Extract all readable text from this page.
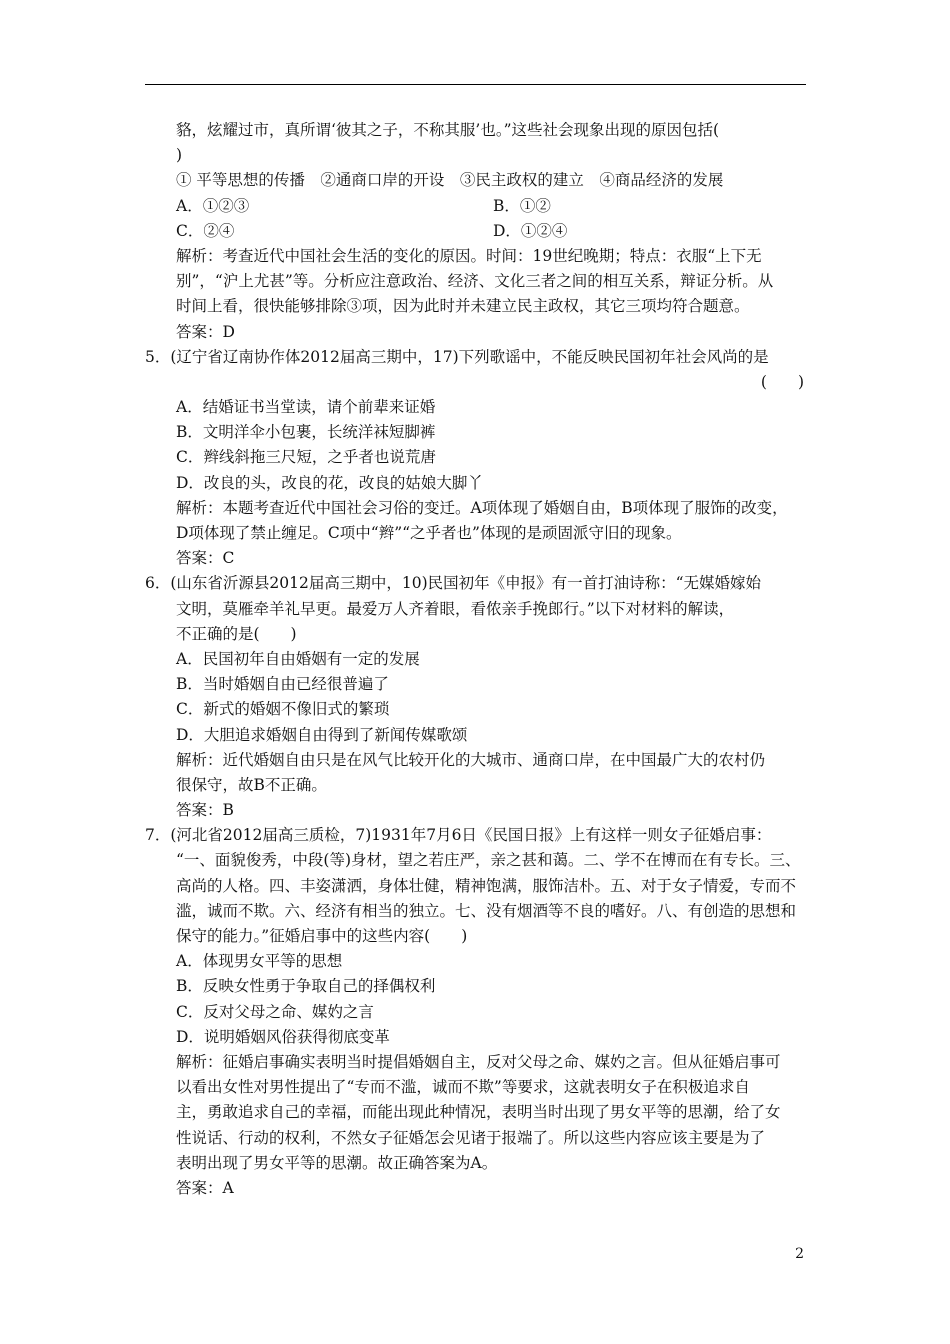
貉，炫耀过市，真所谓‘彼其之子，不称其服’也。”这些社会现象出现的原因包括(
)
① 平等思想的传播　②通商口岸的开设　③民主政权的建立　④商品经济的发展
A．①②③	B．①②
C．②④	D．①②④
解析：考查近代中国社会生活的变化的原因。时间：19世纪晚期；特点：衣服“上下无
别”，“沪上尤甚”等。分析应注意政治、经济、文化三者之间的相互关系，辩证分析。从
时间上看，很快能够排除③项，因为此时并未建立民主政权，其它三项均符合题意。
答案：D
5．(辽宁省辽南协作体2012届高三期中，17)下列歌谣中，不能反映民国初年社会风尚的是
(　　)
A．结婚证书当堂读，请个前辈来证婚
B．文明洋伞小包裹，长统洋袜短脚裤
C．辫线斜拖三尺短，之乎者也说荒唐
D．改良的头，改良的花，改良的姑娘大脚丫
解析：本题考查近代中国社会习俗的变迁。A项体现了婚姻自由，B项体现了服饰的改变，
D项体现了禁止缠足。C项中“辫”“之乎者也”体现的是顽固派守旧的现象。
答案：C
6．(山东省沂源县2012届高三期中，10)民国初年《申报》有一首打油诗称：“无媒婚嫁始
文明，莫雁牵羊礼早更。最爱万人齐着眼，看侬亲手挽郎行。”以下对材料的解读，
不正确的是(　　)
A．民国初年自由婚姻有一定的发展
B．当时婚姻自由已经很普遍了
C．新式的婚姻不像旧式的繁琐
D．大胆追求婚姻自由得到了新闻传媒歌颂
解析：近代婚姻自由只是在风气比较开化的大城市、通商口岸，在中国最广大的农村仍
很保守，故B不正确。
答案：B
7．(河北省2012届高三质检，7)1931年7月6日《民国日报》上有这样一则女子征婚启事：
“一、面貌俊秀，中段(等)身材，望之若庄严，亲之甚和蔼。二、学不在博而在有专长。三、
高尚的人格。四、丰姿潇洒，身体壮健，精神饱满，服饰洁朴。五、对于女子情爱，专而不
滥，诚而不欺。六、经济有相当的独立。七、没有烟酒等不良的嗜好。八、有创造的思想和
保守的能力。”征婚启事中的这些内容(　　)
A．体现男女平等的思想
B．反映女性勇于争取自己的择偶权利
C．反对父母之命、媒妁之言
D．说明婚姻风俗获得彻底变革
解析：征婚启事确实表明当时提倡婚姻自主，反对父母之命、媒妁之言。但从征婚启事可
以看出女性对男性提出了“专而不滥，诚而不欺”等要求，这就表明女子在积极追求自
主，勇敢追求自己的幸福，而能出现此种情况，表明当时出现了男女平等的思潮，给了女
性说话、行动的权利，不然女子征婚怎会见诸于报端了。所以这些内容应该主要是为了
表明出现了男女平等的思潮。故正确答案为A。
答案：A
2
